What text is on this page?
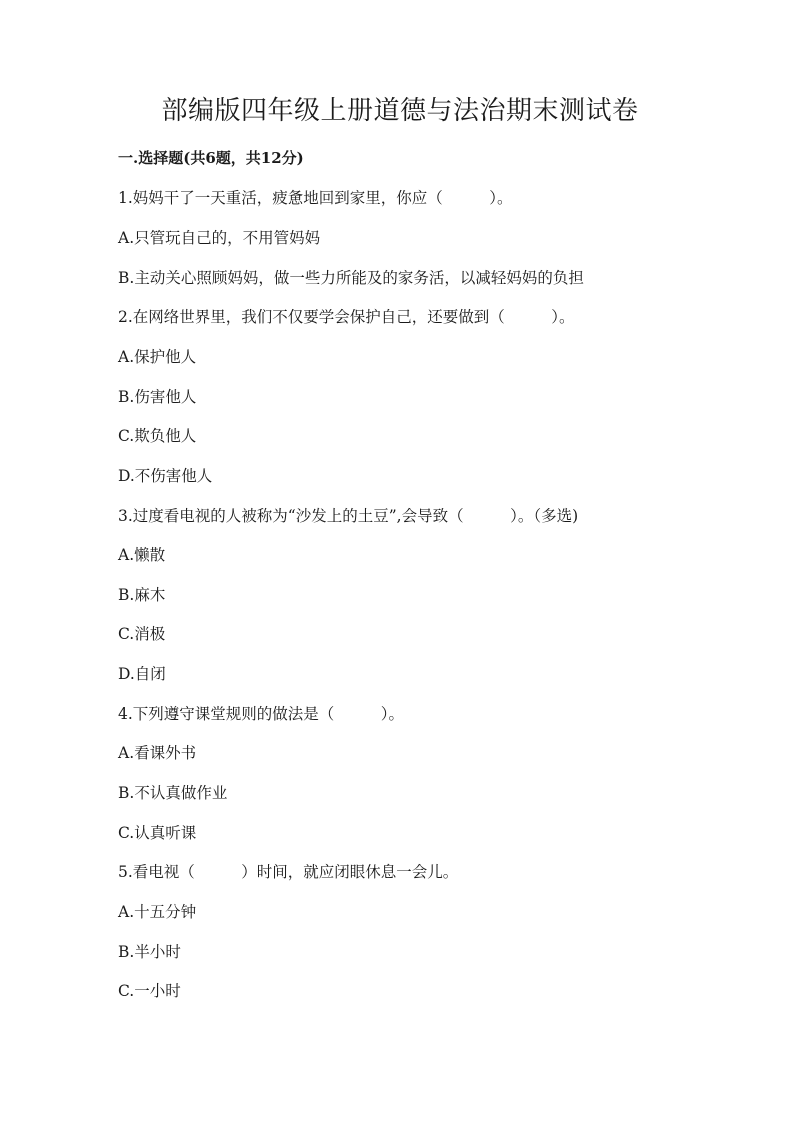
部编版四年级上册道德与法治期末测试卷
一.选择题(共6题，共12分)
1.妈妈干了一天重活，疲惫地回到家里，你应（　　　）。
A.只管玩自己的，不用管妈妈
B.主动关心照顾妈妈，做一些力所能及的家务活，以减轻妈妈的负担
2.在网络世界里，我们不仅要学会保护自己，还要做到（　　　）。
A.保护他人
B.伤害他人
C.欺负他人
D.不伤害他人
3.过度看电视的人被称为“沙发上的土豆”,会导致（　　　）。（多选)
A.懒散
B.麻木
C.消极
D.自闭
4.下列遵守课堂规则的做法是（　　　）。
A.看课外书
B.不认真做作业
C.认真听课
5.看电视（　　　）时间，就应闭眼休息一会儿。
A.十五分钟
B.半小时
C.一小时
